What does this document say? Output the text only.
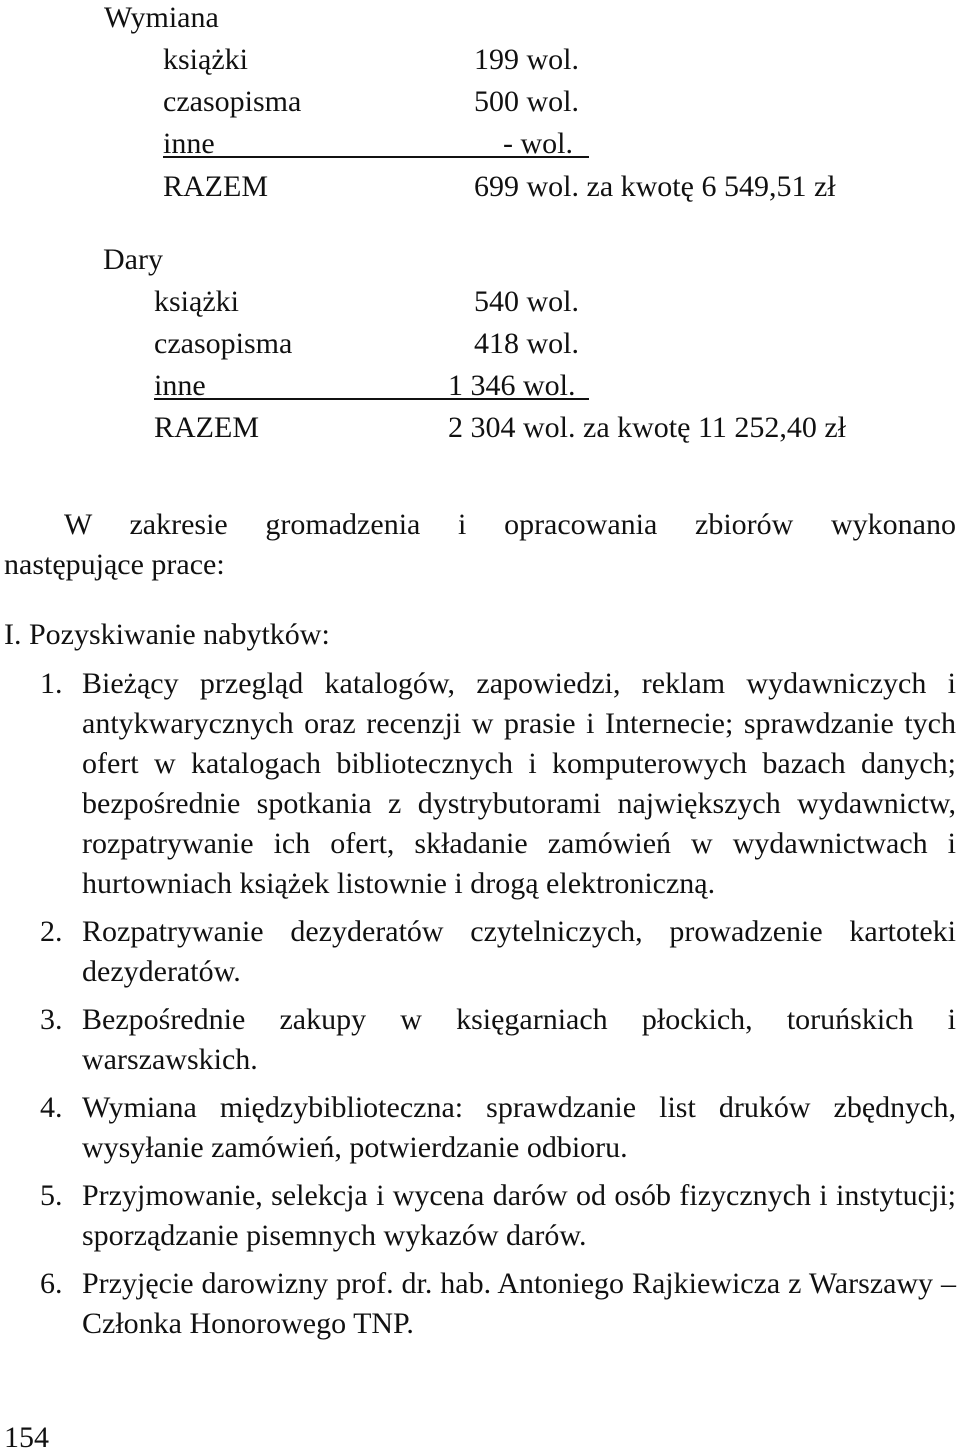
Wymiana
książki	199 wol.
czasopisma	500 wol.
inne	- wol.
RAZEM	699 wol. za kwotę 6 549,51 zł
Dary
książki	540 wol.
czasopisma	418 wol.
inne	1 346 wol.
RAZEM	2 304 wol. za kwotę 11 252,40 zł
W zakresie gromadzenia i opracowania zbiorów wykonano
następujące prace:
I. Pozyskiwanie nabytków:
1. Bieżący przegląd katalogów, zapowiedzi, reklam wydawniczych i antykwarycznych oraz recenzji w prasie i Internecie; sprawdzanie tych ofert w katalogach bibliotecznych i komputerowych bazach danych; bezpośrednie spotkania z dystrybutorami największych wydawnictw, rozpatrywanie ich ofert, składanie zamówień w wydawnictwach i hurtowniach książek listownie i drogą elektroniczną.
2. Rozpatrywanie dezyderatów czytelniczych, prowadzenie kartoteki dezyderatów.
3. Bezpośrednie zakupy w księgarniach płockich, toruńskich i warszawskich.
4. Wymiana międzybiblioteczna: sprawdzanie list druków zbędnych, wysyłanie zamówień, potwierdzanie odbioru.
5. Przyjmowanie, selekcja i wycena darów od osób fizycznych i instytucji; sporządzanie pisemnych wykazów darów.
6. Przyjęcie darowizny prof. dr. hab. Antoniego Rajkiewicza z Warszawy – Członka Honorowego TNP.
154
